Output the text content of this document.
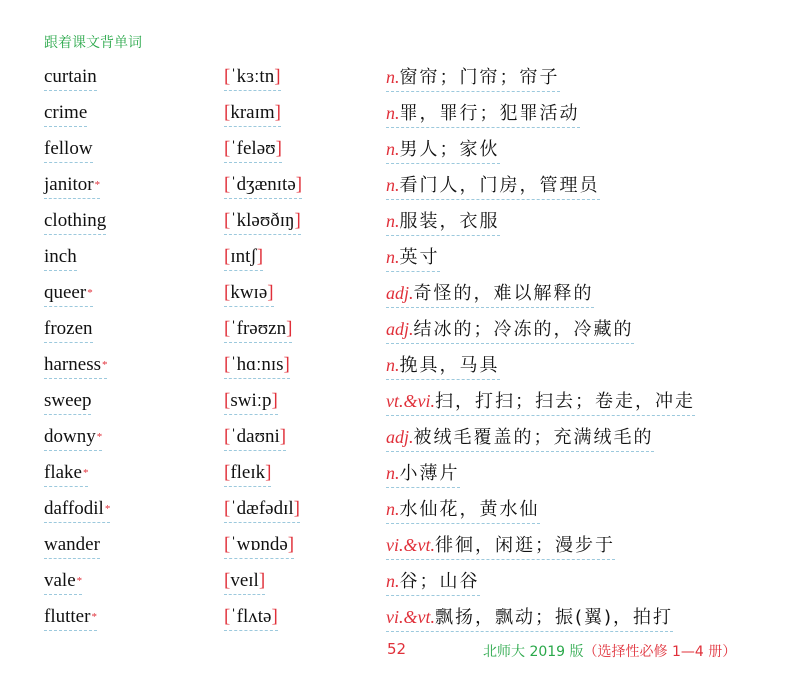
跟着课文背单词
curtain	[ˈkɜːtn]	n.窗帘；门帘；帘子
crime	[kraɪm]	n.罪，罪行；犯罪活动
fellow	[ˈfeləʊ]	n.男人；家伙
janitor*	[ˈdʒænɪtə]	n.看门人，门房，管理员
clothing	[ˈkləʊðɪŋ]	n.服装，衣服
inch	[ɪntʃ]	n.英寸
queer*	[kwɪə]	adj.奇怪的，难以解释的
frozen	[ˈfrəʊzn]	adj.结冰的；冷冻的，冷藏的
harness*	[ˈhɑːnɪs]	n.挽具，马具
sweep	[swiːp]	vt.&vi.扫，打扫；扫去；卷走，冲走
downy*	[ˈdaʊni]	adj.被绒毛覆盖的；充满绒毛的
flake*	[fleɪk]	n.小薄片
daffodil*	[ˈdæfədɪl]	n.水仙花，黄水仙
wander	[ˈwɒndə]	vi.&vt.徘徊，闲逛；漫步于
vale*	[veɪl]	n.谷；山谷
flutter*	[ˈflʌtə]	vi.&vt.飘扬，飘动；振(翼)，拍打
52	北师大 2019 版（选择性必修 1—4 册）
